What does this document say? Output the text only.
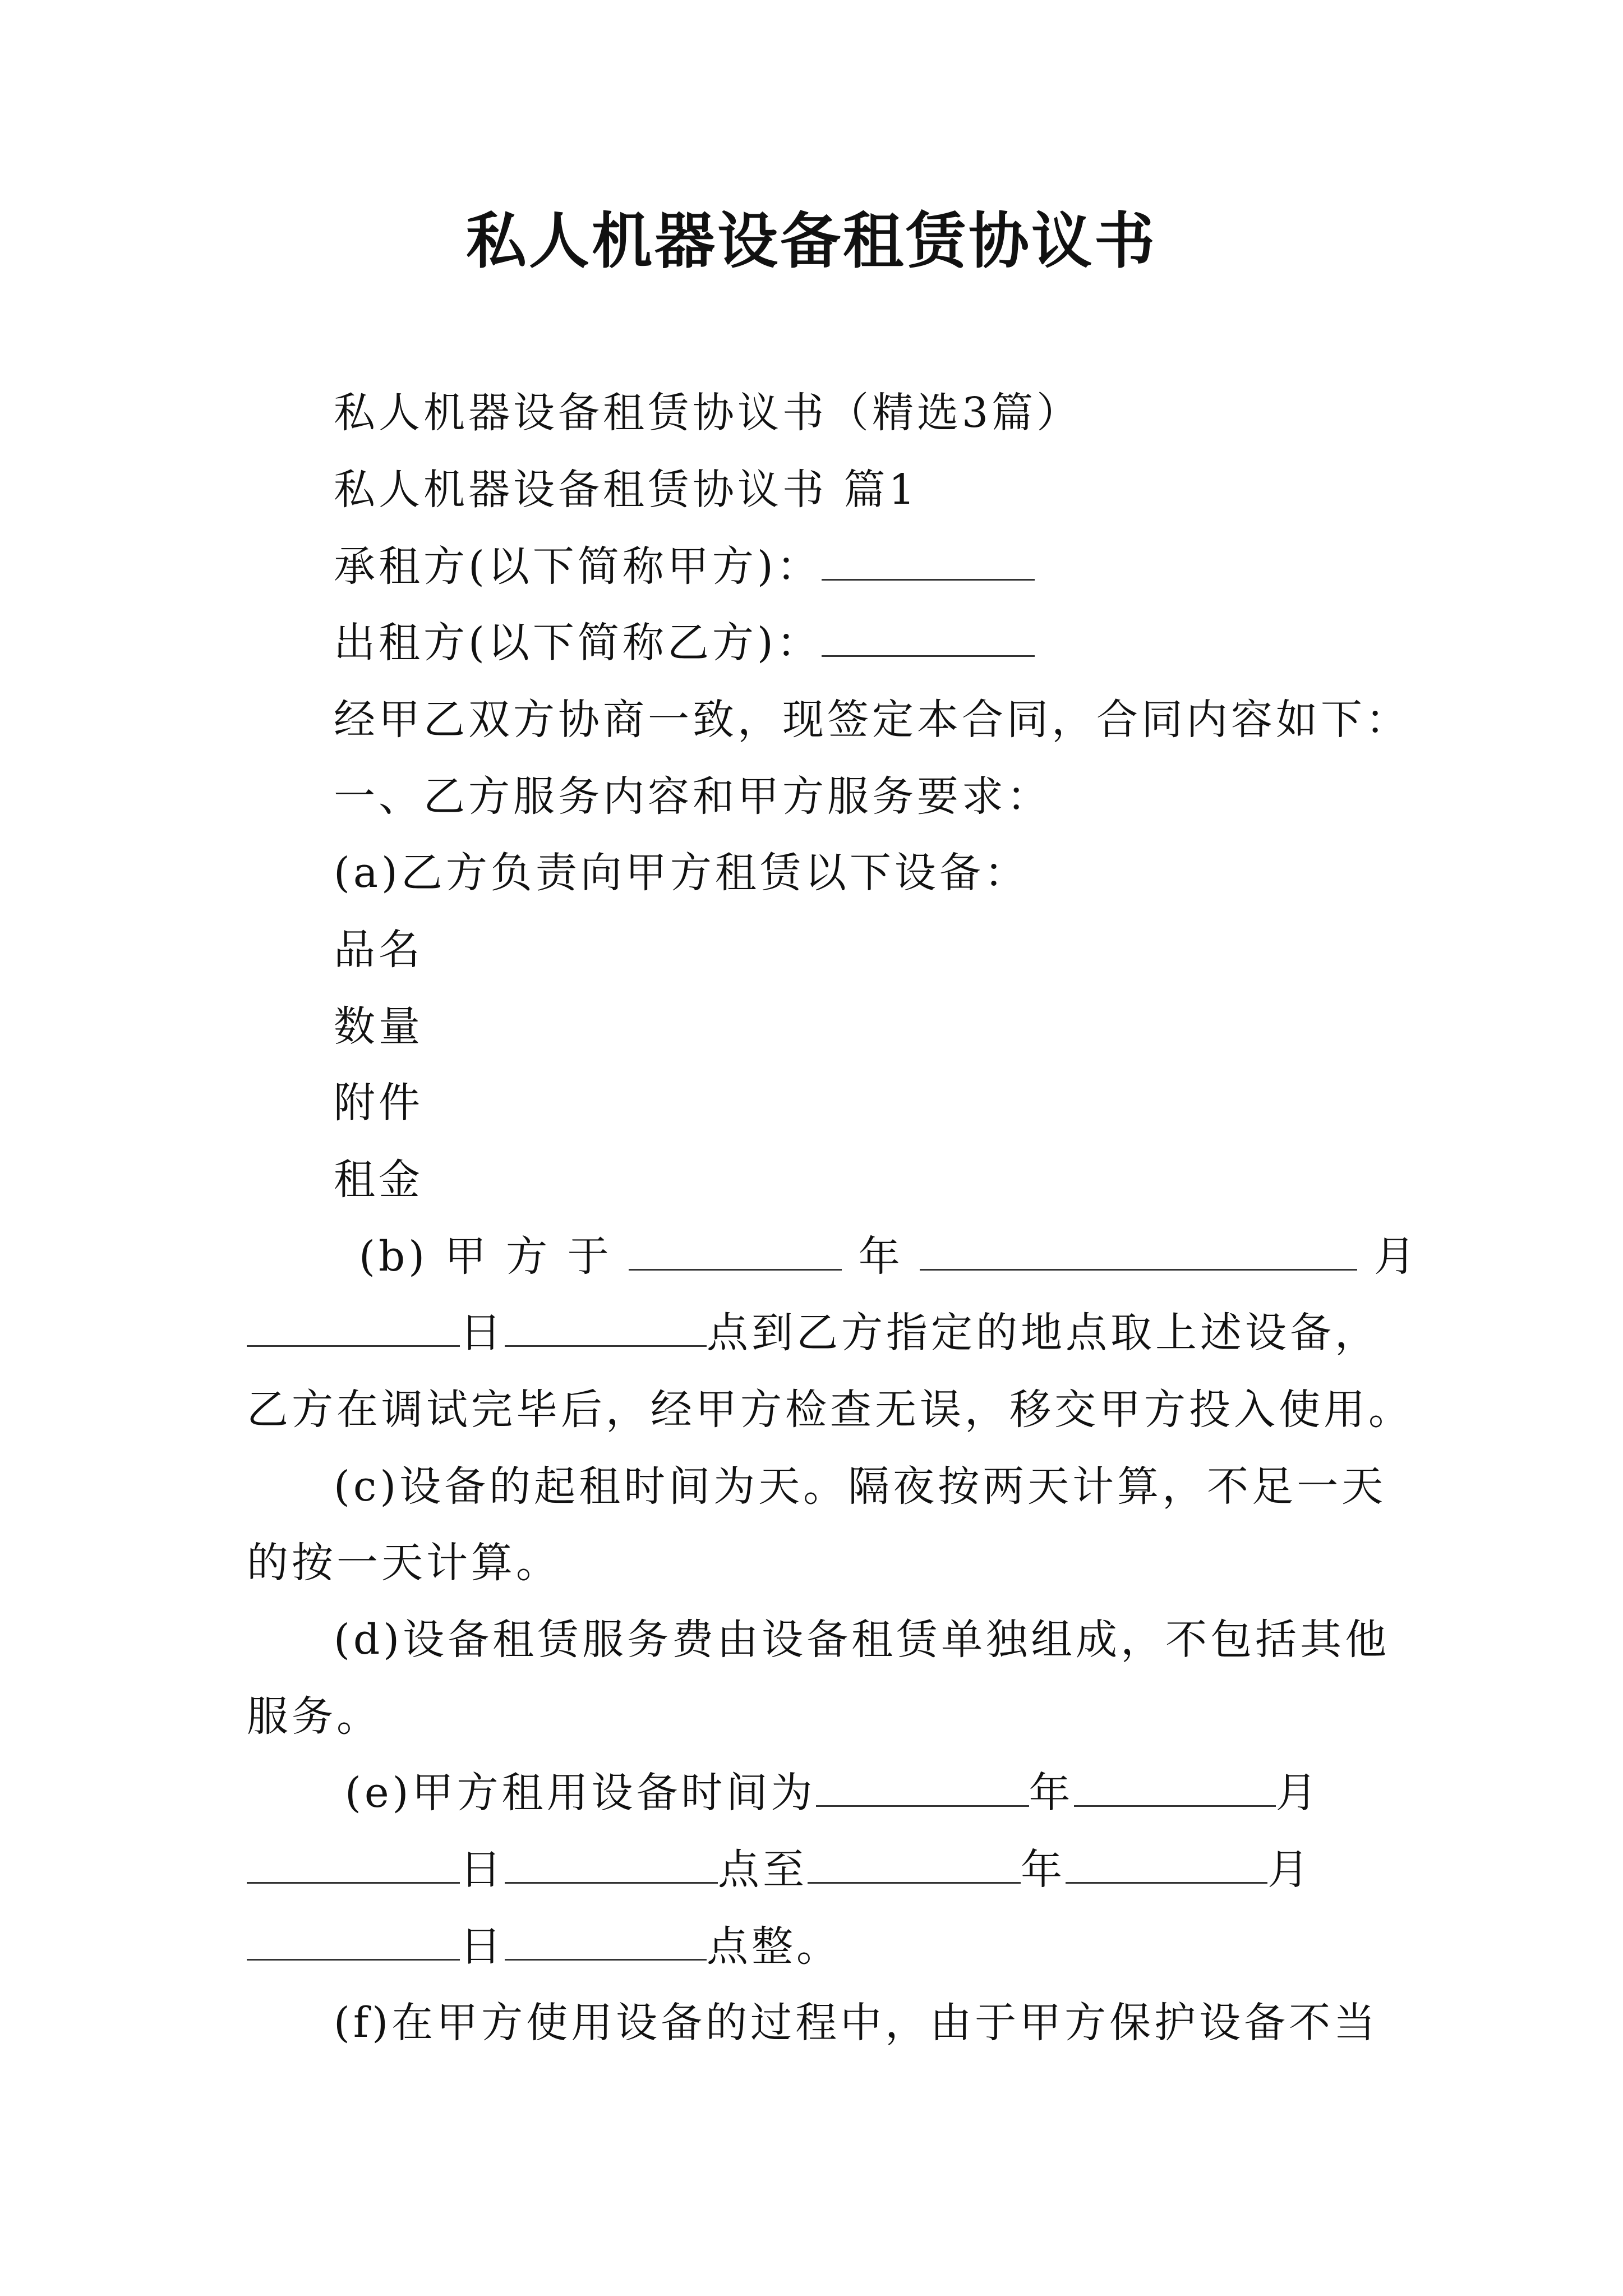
私人机器设备租赁协议书
私人机器设备租赁协议书（精选3篇）
私人机器设备租赁协议书 篇1
承租方(以下简称甲方)：
出租方(以下简称乙方)：
经甲乙双方协商一致，现签定本合同，合同内容如下：
一、乙方服务内容和甲方服务要求：
(a)乙方负责向甲方租赁以下设备：
品名
数量
附件
租金
(b) 甲 方 于	年	月
日	点到乙方指定的地点取上述设备，
乙方在调试完毕后，经甲方检查无误，移交甲方投入使用。
(c)设备的起租时间为天。隔夜按两天计算，不足一天
的按一天计算。
(d)设备租赁服务费由设备租赁单独组成，不包括其他
服务。
(e)甲方租用设备时间为	年	月
日	点至	年	月
日	点整。
(f)在甲方使用设备的过程中，由于甲方保护设备不当
